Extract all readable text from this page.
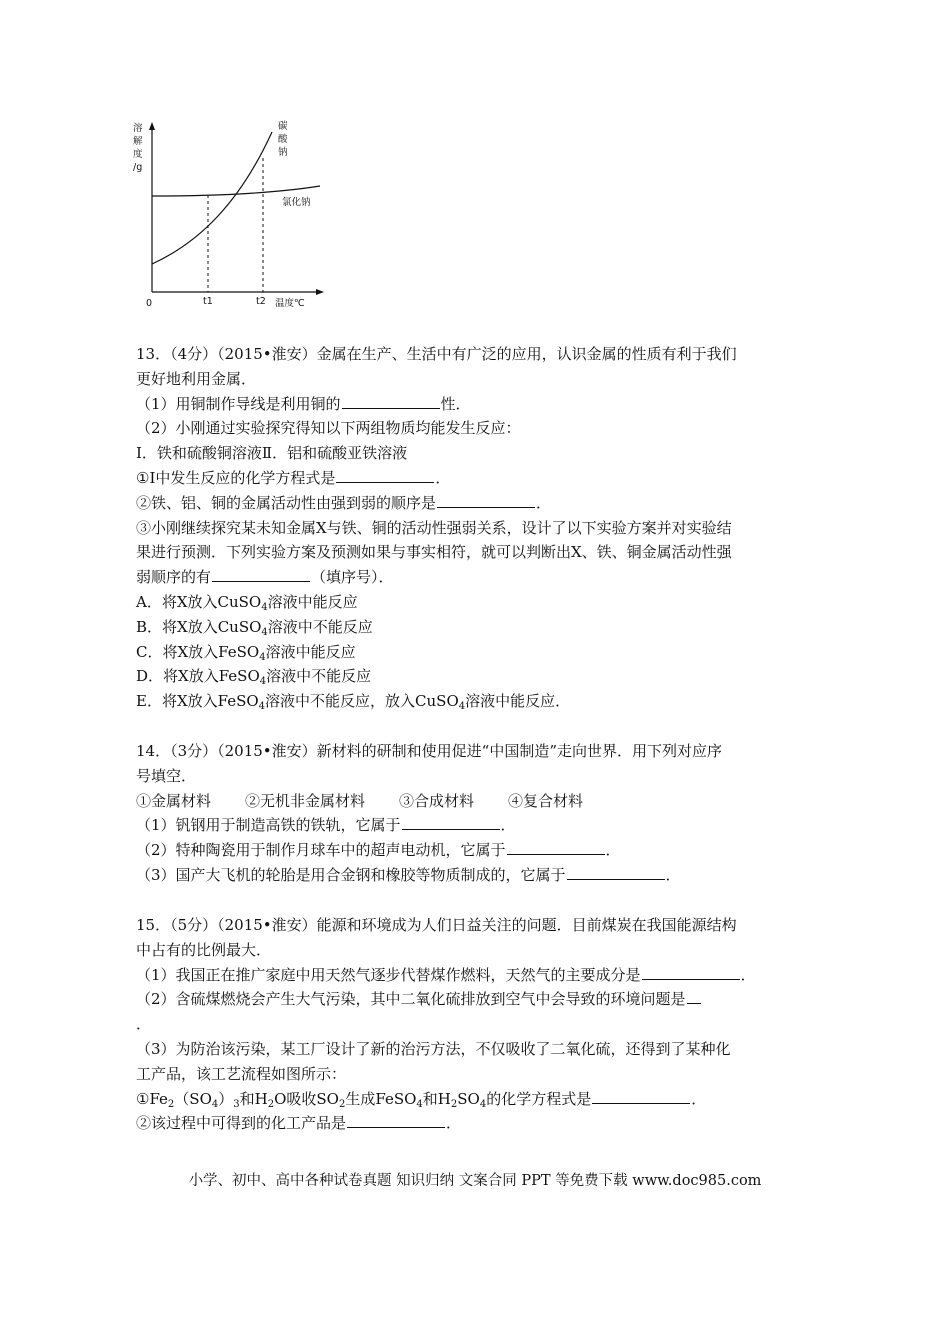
溶
解
度
/g
碳
酸
钠
氯化钠
0	t1	t2 温度℃
13．（4分）（2015•淮安）金属在生产、生活中有广泛的应用，认识金属的性质有利于我们
更好地利用金属．
（1）用铜制作导线是利用铜的	性．
（2）小刚通过实验探究得知以下两组物质均能发生反应：
Ⅰ．铁和硫酸铜溶液Ⅱ．铝和硫酸亚铁溶液
①Ⅰ中发生反应的化学方程式是	．
②铁、铝、铜的金属活动性由强到弱的顺序是	．
③小刚继续探究某未知金属X与铁、铜的活动性强弱关系，设计了以下实验方案并对实验结
果进行预测．下列实验方案及预测如果与事实相符，就可以判断出X、铁、铜金属活动性强
弱顺序的有	（填序号）．
A．将X放入CuSO$_4$溶液中能反应
B．将X放入CuSO$_4$溶液中不能反应
C．将X放入FeSO$_4$溶液中能反应
D．将X放入FeSO$_4$溶液中不能反应
E．将X放入FeSO$_4$溶液中不能反应，放入CuSO$_4$溶液中能反应．
14．（3分）（2015•淮安）新材料的研制和使用促进“中国制造”走向世界．用下列对应序
号填空．
①金属材料 ②无机非金属材料 ③合成材料 ④复合材料
（1）钒钢用于制造高铁的铁轨，它属于	．
（2）特种陶瓷用于制作月球车中的超声电动机，它属于	．
（3）国产大飞机的轮胎是用合金钢和橡胶等物质制成的，它属于	．
15．（5分）（2015•淮安）能源和环境成为人们日益关注的问题．目前煤炭在我国能源结构
中占有的比例最大．
（1）我国正在推广家庭中用天然气逐步代替煤作燃料，天然气的主要成分是	．
（2）含硫煤燃烧会产生大气污染，其中二氧化硫排放到空气中会导致的环境问题是
．
（3）为防治该污染，某工厂设计了新的治污方法，不仅吸收了二氧化硫，还得到了某种化
工产品，该工艺流程如图所示：
$①Fe_2(SO_4)_3$和$H_2O$吸收$SO_2$生成FeSO$_4$和$H_2SO_4$的化学方程式是	．
②该过程中可得到的化工产品是	．
小学、初中、高中各种试卷真题 知识归纳 文案合同 PPT 等免费下载 www.doc985.com
